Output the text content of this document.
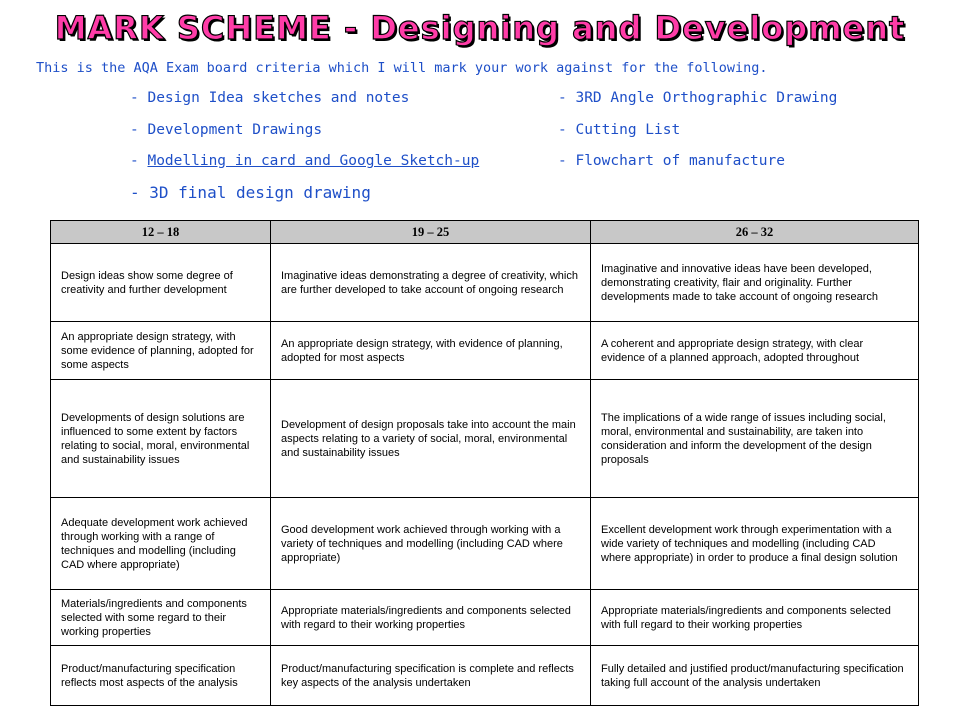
MARK SCHEME - Designing and Development
This is the AQA Exam board criteria which I will mark your work against for the following.
- Design Idea sketches and notes
- Development Drawings
- Modelling in card and Google Sketch-up
- 3D final design drawing
- 3RD Angle Orthographic Drawing
- Cutting List
- Flowchart of manufacture
12 – 18	19 – 25	26 – 32
Design ideas show some degree of creativity and further development	Imaginative ideas demonstrating a degree of creativity, which are further developed to take account of ongoing research	Imaginative and innovative ideas have been developed, demonstrating creativity, flair and originality. Further developments made to take account of ongoing research
An appropriate design strategy, with some evidence of planning, adopted for some aspects	An appropriate design strategy, with evidence of planning, adopted for most aspects	A coherent and appropriate design strategy, with clear evidence of a planned approach, adopted throughout
Developments of design solutions are influenced to some extent by factors relating to social, moral, environmental and sustainability issues	Development of design proposals take into account the main aspects relating to a variety of social, moral, environmental and sustainability issues	The implications of a wide range of issues including social, moral, environmental and sustainability, are taken into consideration and inform the development of the design proposals
Adequate development work achieved through working with a range of techniques and modelling (including CAD where appropriate)	Good development work achieved through working with a variety of techniques and modelling (including CAD where appropriate)	Excellent development work through experimentation with a wide variety of techniques and modelling (including CAD where appropriate) in order to produce a final design solution
Materials/ingredients and components selected with some regard to their working properties	Appropriate materials/ingredients and components selected with regard to their working properties	Appropriate materials/ingredients and components selected with full regard to their working properties
Product/manufacturing specification reflects most aspects of the analysis	Product/manufacturing specification is complete and reflects key aspects of the analysis undertaken	Fully detailed and justified product/manufacturing specification taking full account of the analysis undertaken
